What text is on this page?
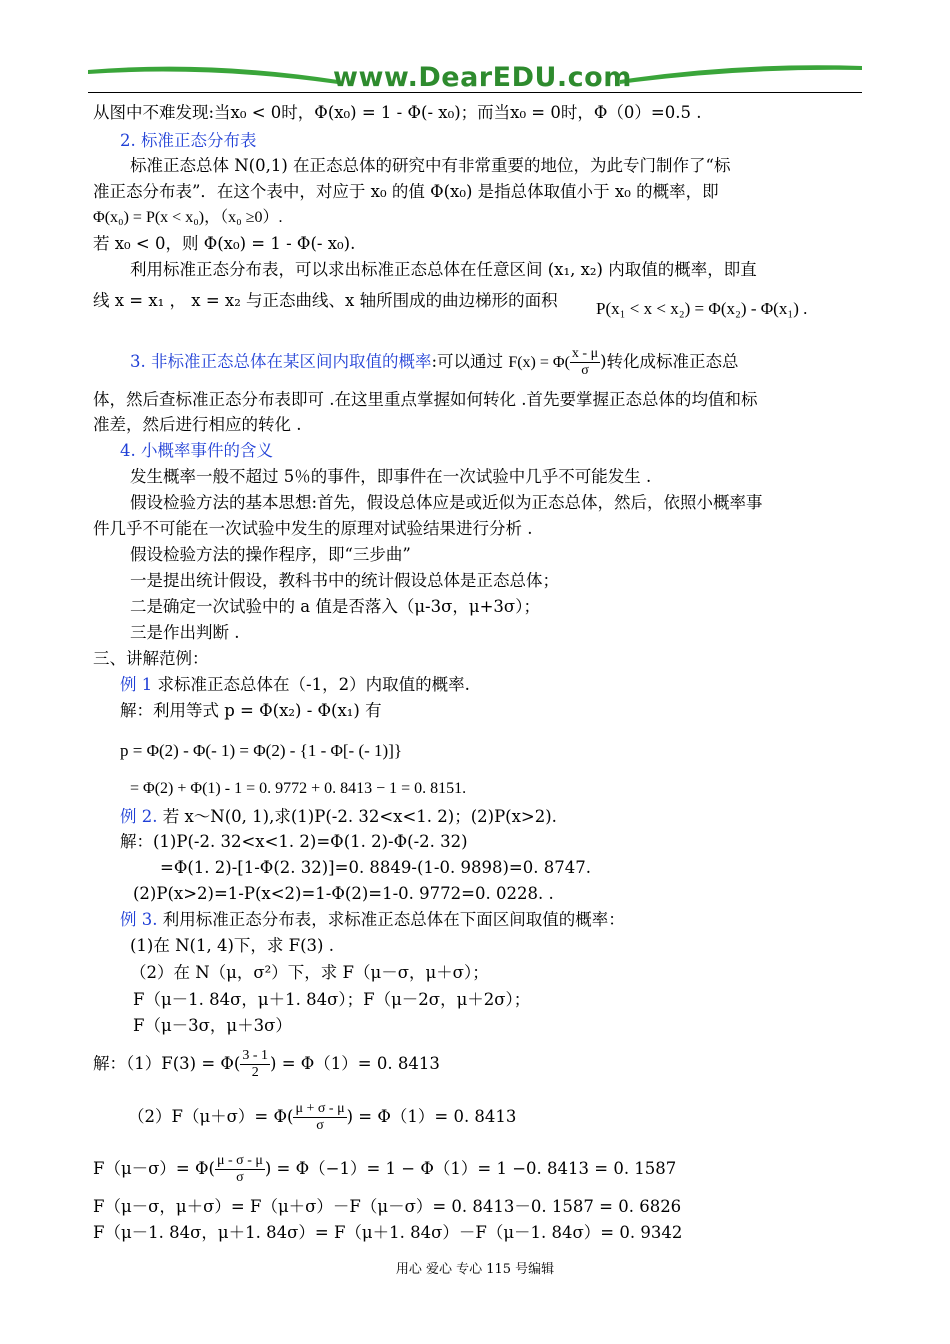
www.DearEDU.com
从图中不难发现:当x₀ < 0时，Φ(x₀) = 1 - Φ(- x₀)；而当x₀ = 0时，Φ（0）=0.5 .
2. 标准正态分布表
标准正态总体 N(0,1) 在正态总体的研究中有非常重要的地位，为此专门制作了“标
准正态分布表”．在这个表中，对应于 x₀ 的值 Φ(x₀) 是指总体取值小于 x₀ 的概率，即
Φ(x₀) = P(x < x₀)，（x₀ ≥0）.
若 x₀ < 0，则 Φ(x₀) = 1 - Φ(- x₀).
利用标准正态分布表，可以求出标准正态总体在任意区间 (x₁, x₂) 内取值的概率，即直
线 x = x₁ ， x = x₂ 与正态曲线、x 轴所围成的曲边梯形的面积 P(x₁ < x < x₂) = Φ(x₂) - Φ(x₁) .
3. 非标准正态总体在某区间内取值的概率:可以通过 $F(x) = \Phi( \frac{x - \mu}{\sigma}$ )转化成标准正态总
体，然后查标准正态分布表即可 .在这里重点掌握如何转化 .首先要掌握正态总体的均值和标
准差，然后进行相应的转化 .
4. 小概率事件的含义
发生概率一般不超过 5％的事件，即事件在一次试验中几乎不可能发生 .
假设检验方法的基本思想:首先，假设总体应是或近似为正态总体，然后，依照小概率事
件几乎不可能在一次试验中发生的原理对试验结果进行分析 .
假设检验方法的操作程序，即“三步曲”
一是提出统计假设，教科书中的统计假设总体是正态总体；
二是确定一次试验中的 a 值是否落入（μ-3σ，μ+3σ）；
三是作出判断 .
三、讲解范例：
例 1 求标准正态总体在（-1，2）内取值的概率.
解：利用等式 p = Φ(x₂) - Φ(x₁) 有
p = Φ(2) - Φ(- 1) = Φ(2) - {1 - Φ[- (- 1)]}
= Φ(2) + Φ(1) - 1 = 0. 9772 + 0. 8413 − 1 = 0. 8151.
例 2. 若 x～N(0, 1),求(1)P(-2. 32<x<1. 2)；(2)P(x>2).
解：(1)P(-2. 32<x<1. 2)=Φ(1. 2)-Φ(-2. 32)
=Φ(1. 2)-[1-Φ(2. 32)]=0. 8849-(1-0. 9898)=0. 8747.
(2)P(x>2)=1-P(x<2)=1-Φ(2)=1-0. 9772=0. 0228. .
例 3. 利用标准正态分布表，求标准正态总体在下面区间取值的概率：
(1)在 N(1, 4)下，求 F(3) .
（2）在 N（μ，σ²）下，求 F（μ－σ，μ＋σ）；
F（μ－1. 84σ，μ＋1. 84σ）；F（μ－2σ，μ＋2σ）；
F（μ－3σ，μ＋3σ）
解：$(1)F(3) = \Phi( \frac{3 - 1}{2}$ ) = Φ（1）= 0. 8413
$(2)F(\mu+\sigma)= \Phi( \frac{\mu + \sigma - \mu}{\sigma}$ ) = Φ（1）= 0. 8413
$F(\mu-\sigma)= \Phi( \frac{\mu - \sigma - \mu}{\sigma}$ ) = Φ（−1）= 1 − Φ（1）= 1 −0. 8413 = 0. 1587
F（μ－σ，μ＋σ）= F（μ＋σ）－F（μ－σ）= 0. 8413－0. 1587 = 0. 6826
F（μ－1. 84σ，μ＋1. 84σ）= F（μ＋1. 84σ）－F（μ－1. 84σ）= 0. 9342
用心 爱心 专心 115 号编辑
